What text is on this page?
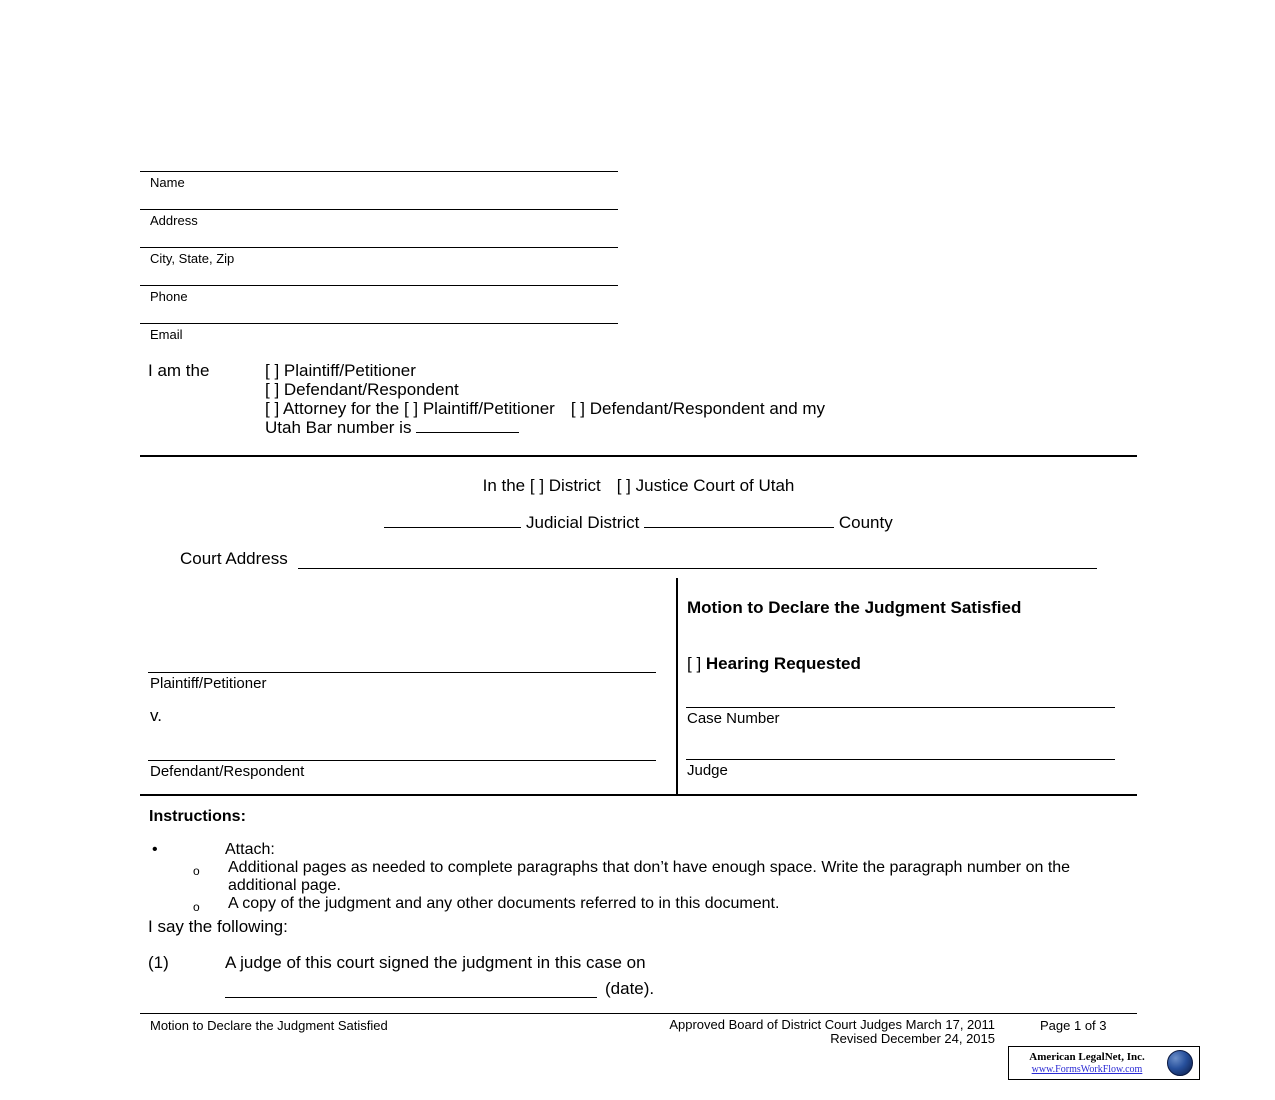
Name
Address
City, State, Zip
Phone
Email
I am the	[ ] Plaintiff/Petitioner
[ ] Defendant/Respondent
[ ] Attorney for the [ ] Plaintiff/Petitioner [ ] Defendant/Respondent and my
Utah Bar number is
In the [ ] District [ ] Justice Court of Utah
Judicial District	County
Court Address
Plaintiff/Petitioner
v.
Defendant/Respondent
Motion to Declare the Judgment Satisfied
[ ] Hearing Requested
Case Number
Judge
Instructions:
•	Attach:
o	Additional pages as needed to complete paragraphs that don’t have enough space. Write the paragraph number on the additional page.
o	A copy of the judgment and any other documents referred to in this document.
I say the following:
(1)	A judge of this court signed the judgment in this case on
(date).
Motion to Declare the Judgment Satisfied	Approved Board of District Court Judges March 17, 2011
Revised December 24, 2015
Page 1 of 3
American LegalNet, Inc.
www.FormsWorkFlow.com
